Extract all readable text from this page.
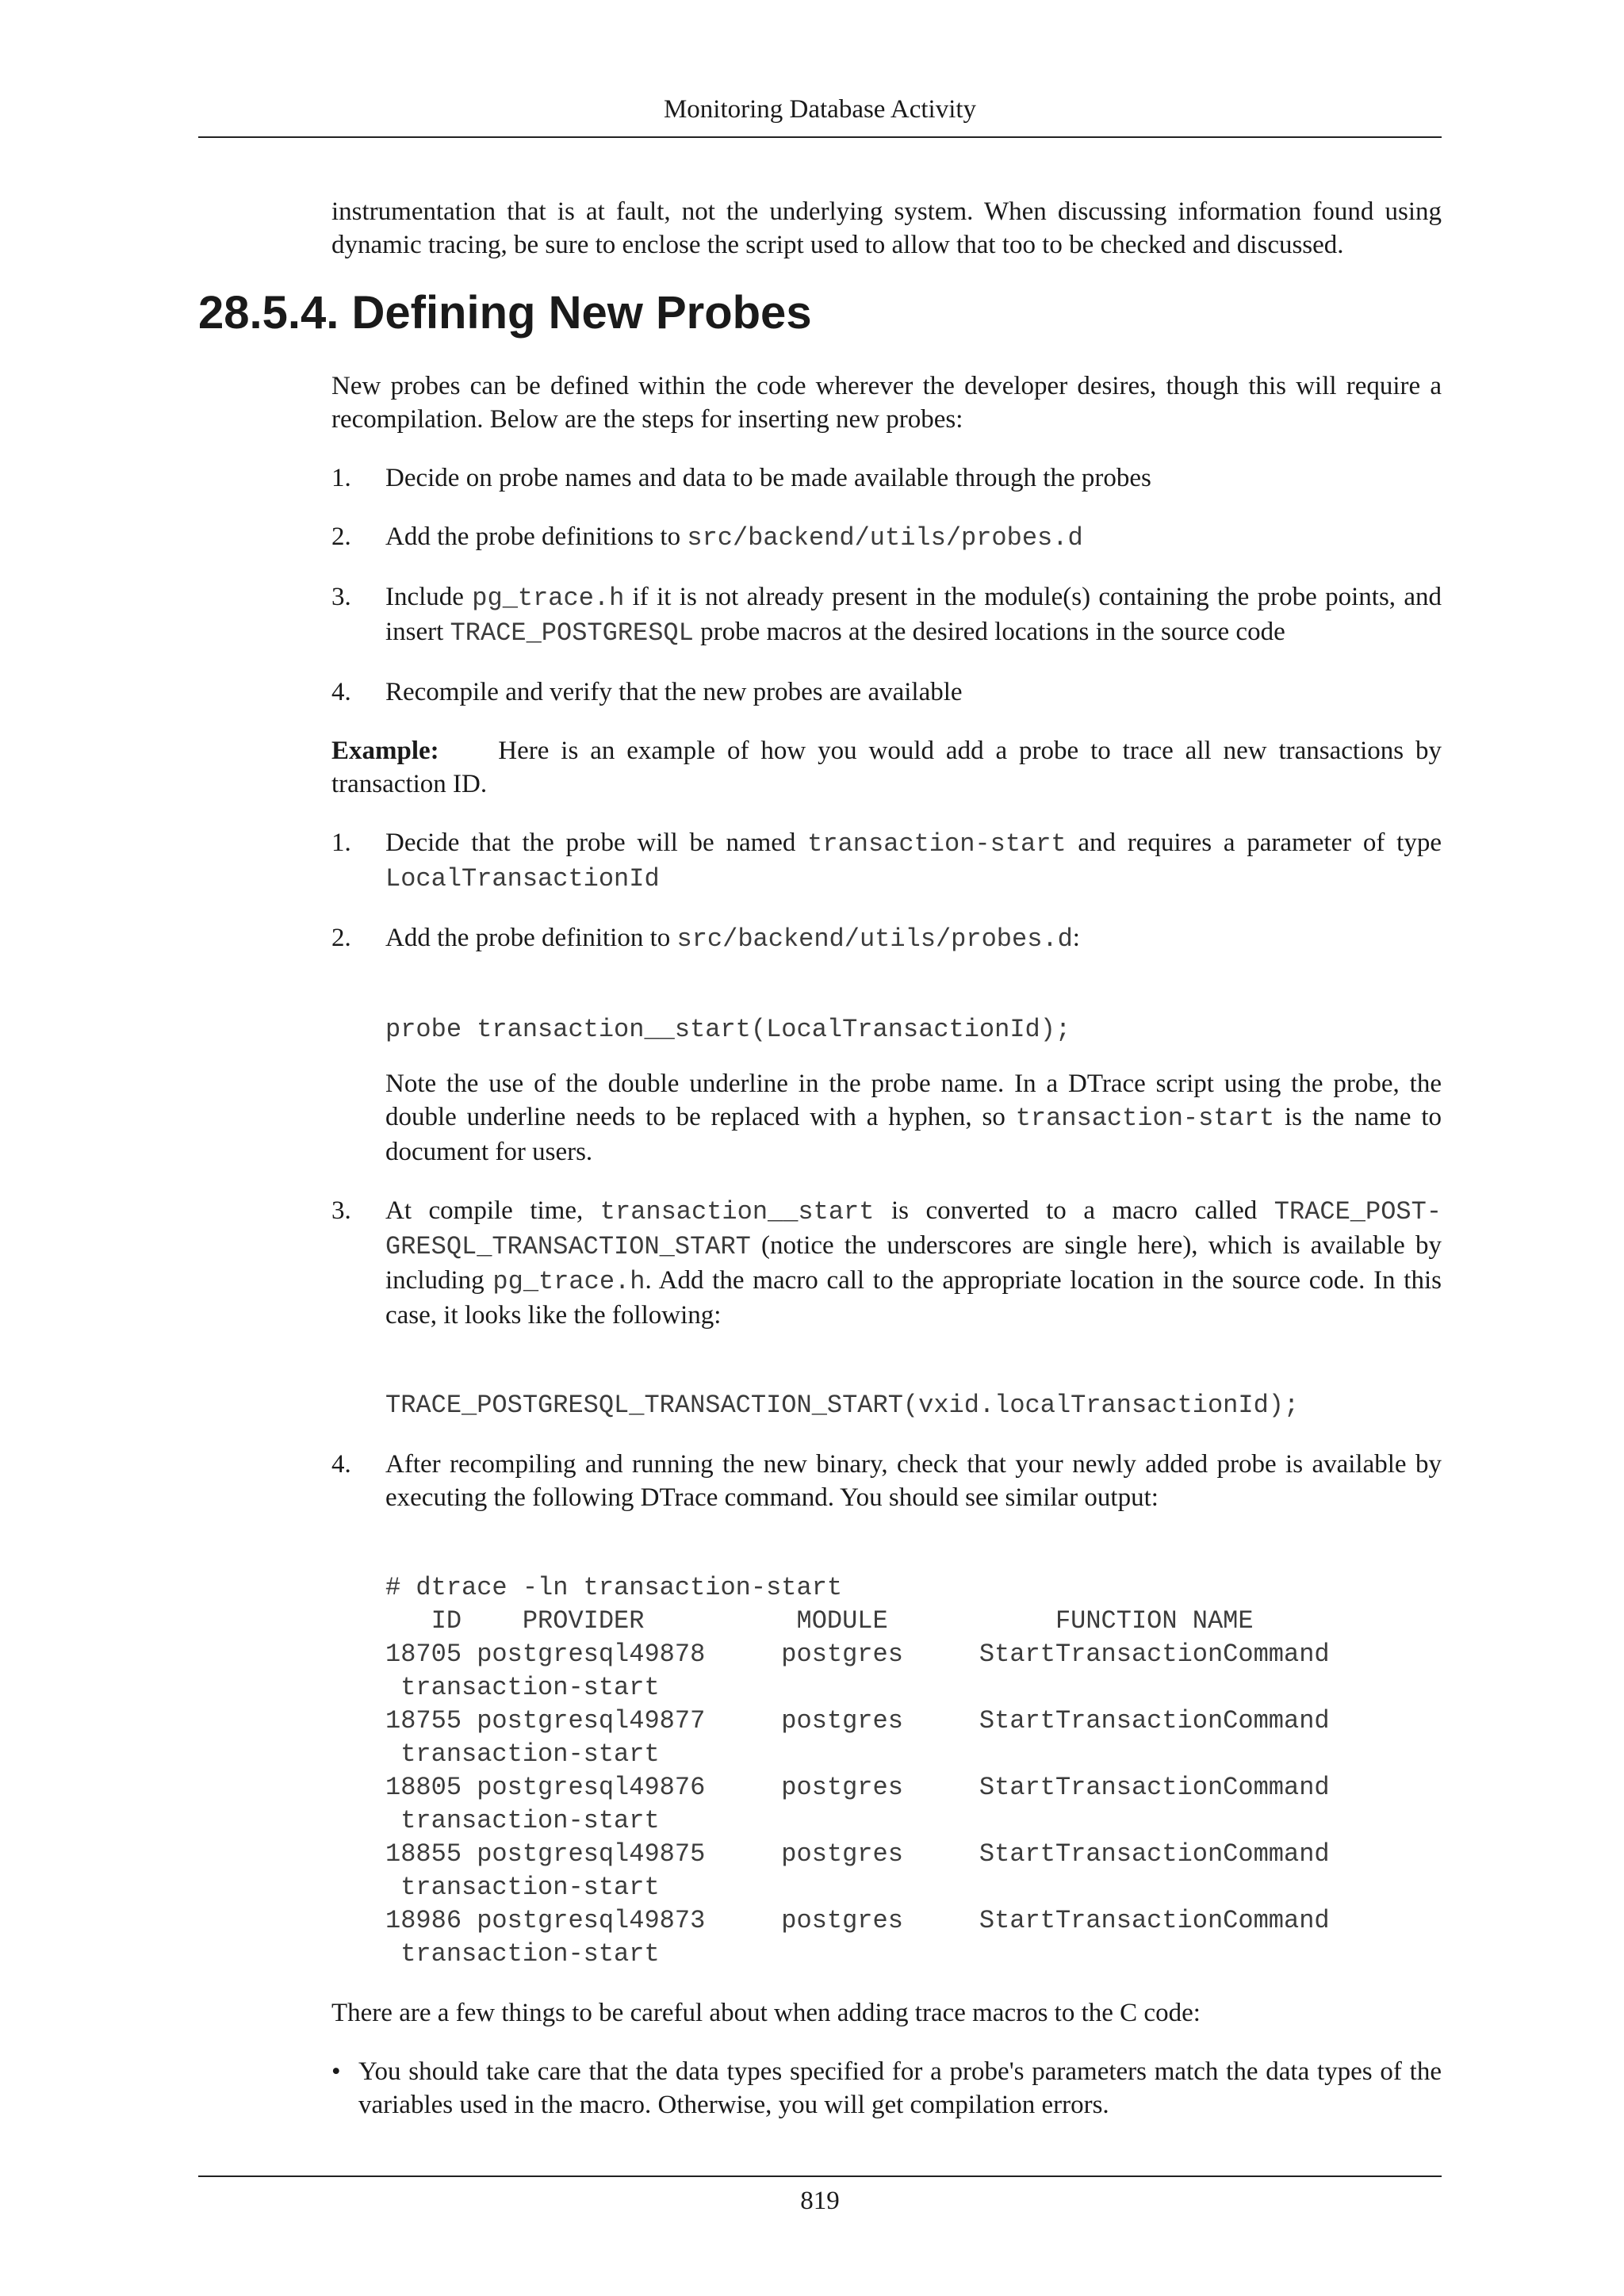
Monitoring Database Activity

instrumentation that is at fault, not the underlying system. When discussing information found using dynamic tracing, be sure to enclose the script used to allow that too to be checked and discussed.

28.5.4. Defining New Probes

New probes can be defined within the code wherever the developer desires, though this will require a recompilation. Below are the steps for inserting new probes:

1. Decide on probe names and data to be made available through the probes
2. Add the probe definitions to src/backend/utils/probes.d
3. Include pg_trace.h if it is not already present in the module(s) containing the probe points, and insert TRACE_POSTGRESQL probe macros at the desired locations in the source code
4. Recompile and verify that the new probes are available

Example: Here is an example of how you would add a probe to trace all new transactions by transaction ID.

1. Decide that the probe will be named transaction-start and requires a parameter of type LocalTransactionId
2. Add the probe definition to src/backend/utils/probes.d:
probe transaction__start(LocalTransactionId);

Note the use of the double underline in the probe name. In a DTrace script using the probe, the double underline needs to be replaced with a hyphen, so transaction-start is the name to document for users.

3. At compile time, transaction__start is converted to a macro called TRACE_POST-GRESQL_TRANSACTION_START (notice the underscores are single here), which is available by including pg_trace.h. Add the macro call to the appropriate location in the source code. In this case, it looks like the following:
TRACE_POSTGRESQL_TRANSACTION_START(vxid.localTransactionId);
4. After recompiling and running the new binary, check that your newly added probe is available by executing the following DTrace command. You should see similar output:
# dtrace -ln transaction-start
ID    PROVIDER          MODULE           FUNCTION NAME
18705 postgresql49878     postgres     StartTransactionCommand
transaction-start
18755 postgresql49877     postgres     StartTransactionCommand
transaction-start
18805 postgresql49876     postgres     StartTransactionCommand
transaction-start
18855 postgresql49875     postgres     StartTransactionCommand
transaction-start
18986 postgresql49873     postgres     StartTransactionCommand
transaction-start

There are a few things to be careful about when adding trace macros to the C code:

• You should take care that the data types specified for a probe's parameters match the data types of the variables used in the macro. Otherwise, you will get compilation errors.
819
